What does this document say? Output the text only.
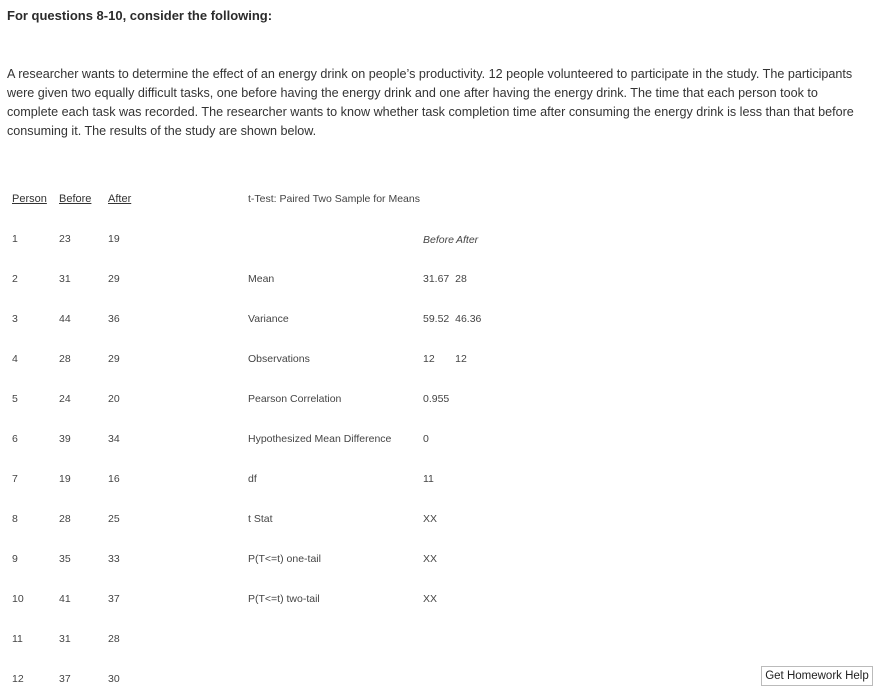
For questions 8-10, consider the following:
A researcher wants to determine the effect of an energy drink on people’s productivity. 12 people volunteered to participate in the study. The participants were given two equally difficult tasks, one before having the energy drink and one after having the energy drink. The time that each person took to complete each task was recorded. The researcher wants to know whether task completion time after consuming the energy drink is less than that before consuming it. The results of the study are shown below.
Person Before After
1	23	19
2	31	29
3	44	36
4	28	29
5	24	20
6	39	34
7	19	16
8	28	25
9	35	33
10	41	37
11	31	28
12	37	30
t-Test: Paired Two Sample for Means
Before After
Mean	31.67  28
Variance	59.52  46.36
Observations	12       12
Pearson Correlation	0.955
Hypothesized Mean Difference	0
df	11
t Stat	XX
P(T<=t) one-tail	XX
P(T<=t) two-tail	XX
Get Homework Help
